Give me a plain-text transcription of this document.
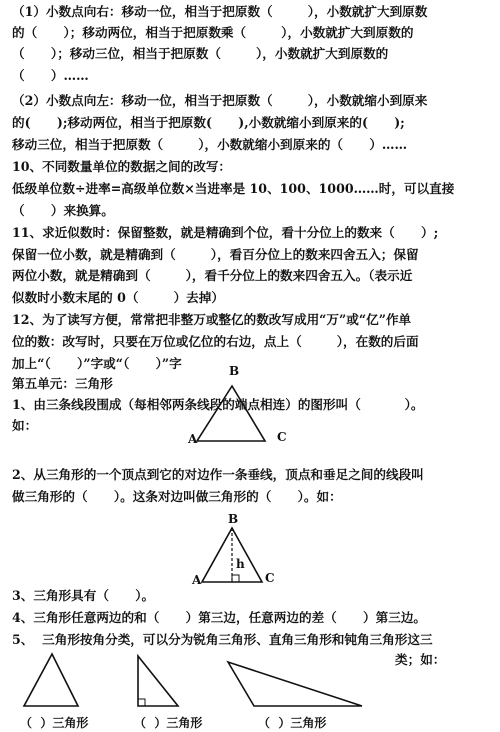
（1）小数点向右：移动一位，相当于把原数（        ），小数就扩大到原数
的（      ）；移动两位，相当于把原数乘（        ），小数就扩大到原数的
（      ）；移动三位，相当于把原数（        ），小数就扩大到原数的
（      ）……
（2）小数点向左：移动一位，相当于把原数（        ），小数就缩小到原来
的(      );移动两位，相当于把原数(      ),小数就缩小到原来的(      );
移动三位，相当于把原数（        ），小数就缩小到原来的（      ）……
10、不同数量单位的数据之间的改写：
低级单位数÷进率=高级单位数×当进率是 10、100、1000……时，可以直接
（      ）来换算。
11、求近似数时：保留整数，就是精确到个位，看十分位上的数来（      ）;
保留一位小数，就是精确到（        ），看百分位上的数来四舍五入；保留
两位小数，就是精确到（        ），看千分位上的数来四舍五入。（表示近
似数时小数末尾的 0（        ）去掉）
12、为了读写方便，常常把非整万或整亿的数改写成用“万”或“亿”作单
位的数：改写时，只要在万位或亿位的右边，点上（        ），在数的后面
加上“（      ）”字或“（      ）”字
第五单元：三角形
1、由三条线段围成（每相邻两条线段的端点相连）的图形叫（          ）。
如：
B
A	C
2、从三角形的一个顶点到它的对边作一条垂线，顶点和垂足之间的线段叫
做三角形的（      ）。这条对边叫做三角形的（      ）。如：
B
A	C
h
3、三角形具有（      ）。
4、三角形任意两边的和（      ）第三边，任意两边的差（      ）第三边。
5、  三角形按角分类，可以分为锐角三角形、直角三角形和钝角三角形这三
类；如：
（  ）三角形	（  ）三角形	（  ）三角形
